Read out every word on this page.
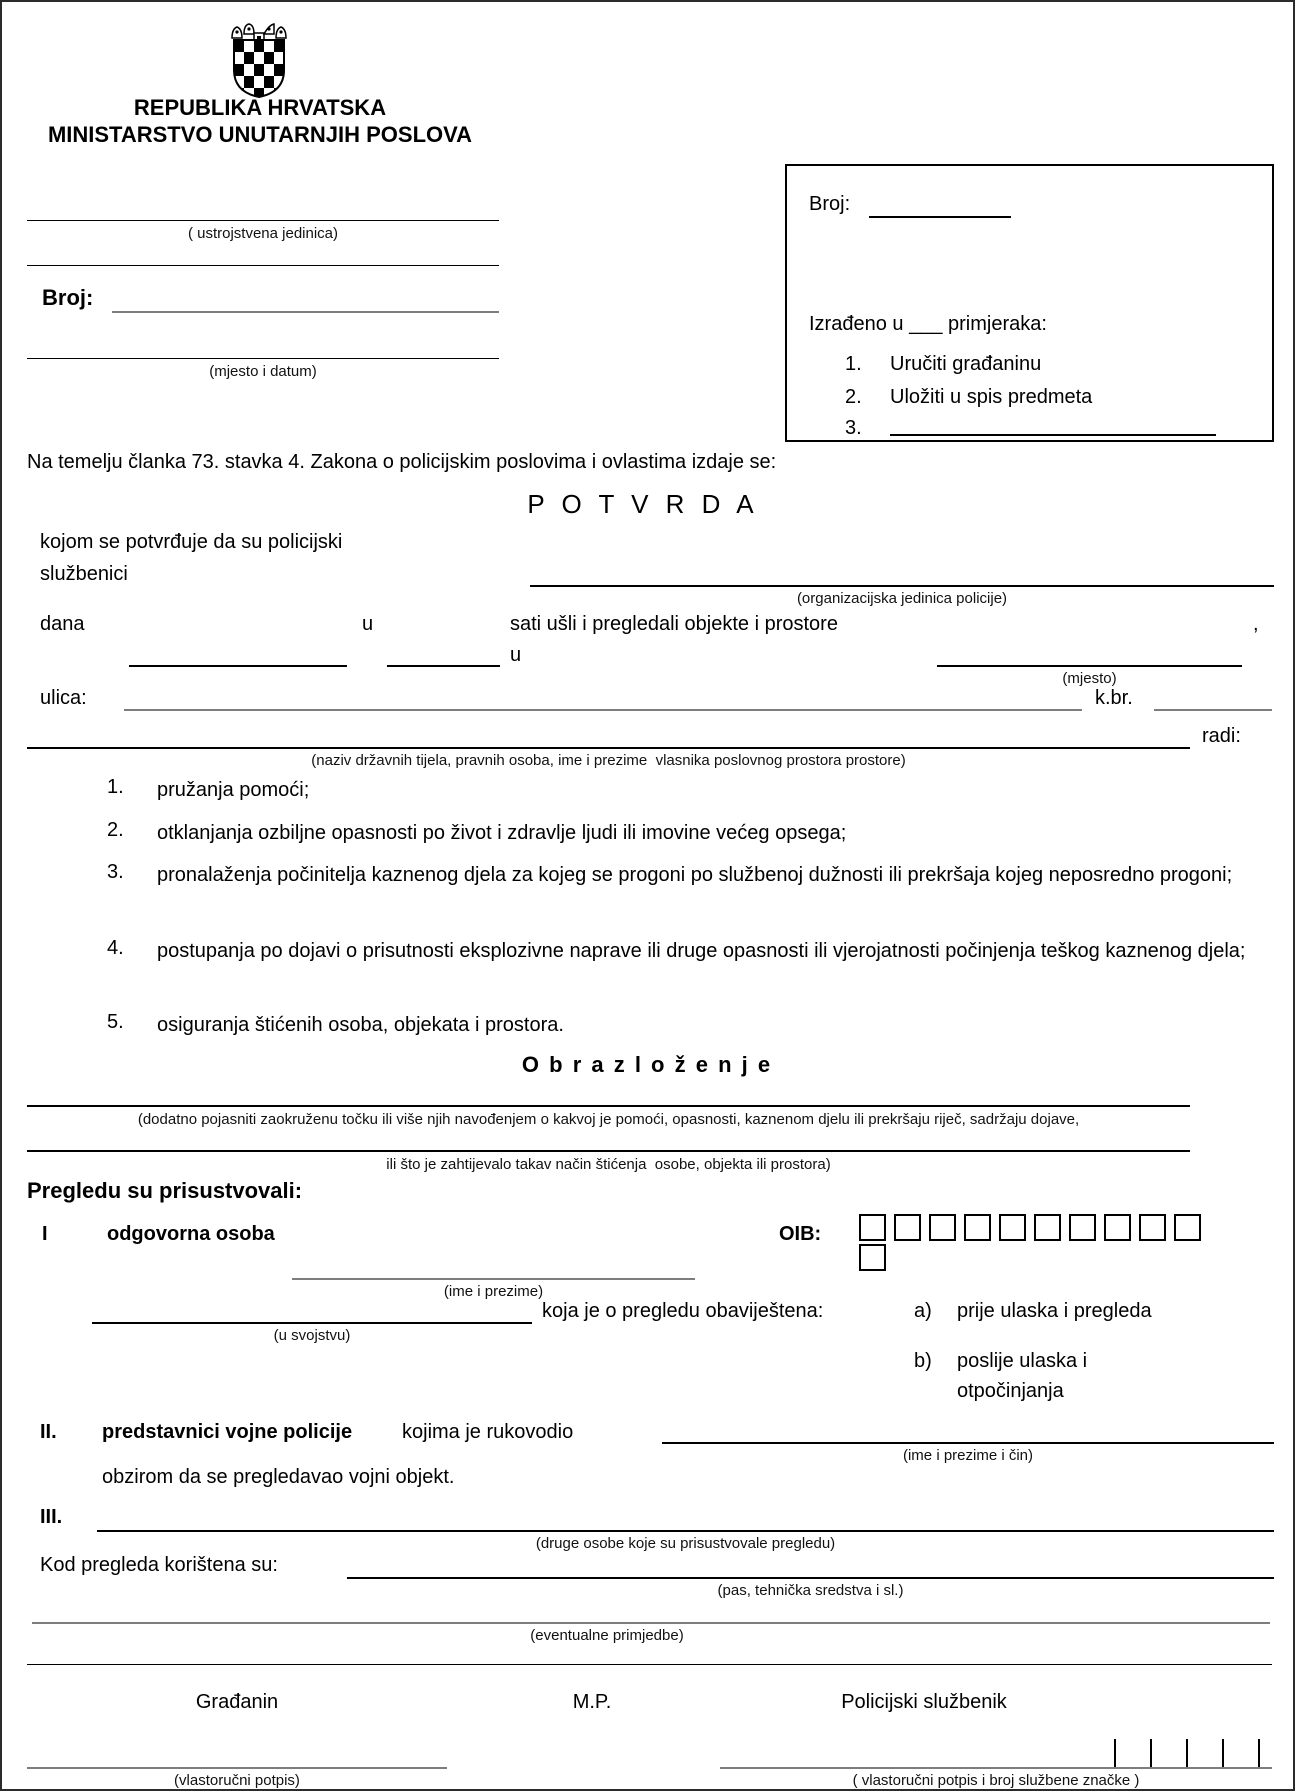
REPUBLIKA HRVATSKA
MINISTARSTVO UNUTARNJIH POSLOVA
( ustrojstvena jedinica)
Broj:
(mjesto i datum)
Broj:
Izrađeno u ___ primjeraka:
1. Uručiti građaninu
2. Uložiti u spis predmeta
3.
Na temelju članka 73. stavka 4. Zakona o policijskim poslovima i ovlastima izdaje se:
P O T V R D A
kojom se potvrđuje da su policijski
službenici
(organizacijska jedinica policije)
dana	u	sati ušli i pregledali objekte i prostore	,
u
(mjesto)
ulica:	k.br.
radi:
(naziv državnih tijela, pravnih osoba, ime i prezime  vlasnika poslovnog prostora prostore)
1. pružanja pomoći;
2. otklanjanja ozbiljne opasnosti po život i zdravlje ljudi ili imovine većeg opsega;
3. pronalaženja počinitelja kaznenog djela za kojeg se progoni po službenoj dužnosti ili prekršaja kojeg neposredno progoni;
4. postupanja po dojavi o prisutnosti eksplozivne naprave ili druge opasnosti ili vjerojatnosti počinjenja teškog kaznenog djela;
5. osiguranja štićenih osoba, objekata i prostora.
O b r a z l o ž e n j e
(dodatno pojasniti zaokruženu točku ili više njih navođenjem o kakvoj je pomoći, opasnosti, kaznenom djelu ili prekršaju riječ, sadržaju dojave,
ili što je zahtijevalo takav način štićenja  osobe, objekta ili prostora)
Pregledu su prisustvovali:
I	odgovorna osoba	OIB:
(ime i prezime)
koja je o pregledu obaviještena:	a) prije ulaska i pregleda
(u svojstvu)
b) poslije ulaska i
otpočinjanja
II. predstavnici vojne policije kojima je rukovodio
(ime i prezime i čin)
obzirom da se pregledavao vojni objekt.
III.
(druge osobe koje su prisustvovale pregledu)
Kod pregleda korištena su:
(pas, tehnička sredstva i sl.)
(eventualne primjedbe)
Građanin	M.P.	Policijski službenik
(vlastoručni potpis)	( vlastoručni potpis i broj službene značke )
